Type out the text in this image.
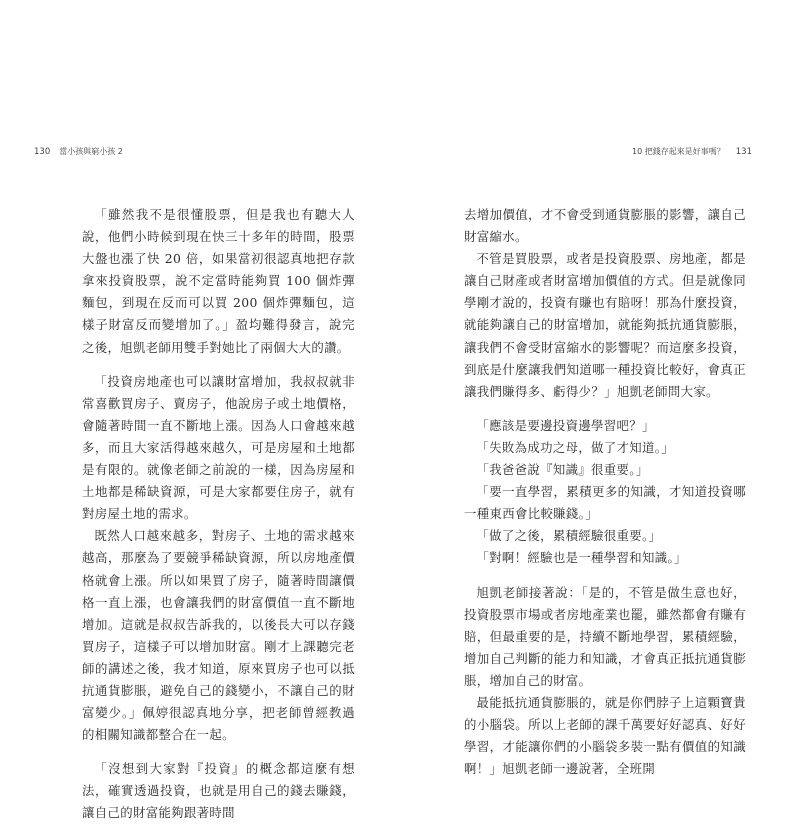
130 當小孩與窮小孩 2

「雖然我不是很懂股票，但是我也有聽大人說，他們小時候到現在快三十多年的時間，股票大盤也漲了快 20 倍，如果當初很認真地把存款拿來投資股票，說不定當時能夠買 100 個炸彈麵包，到現在反而可以買 200 個炸彈麵包，這樣子財富反而變增加了。」盈均難得發言，說完之後，旭凱老師用雙手對她比了兩個大大的讚。

「投資房地產也可以讓財富增加，我叔叔就非常喜歡買房子、賣房子，他說房子或土地價格，會隨著時間一直不斷地上漲。因為人口會越來越多，而且大家活得越來越久，可是房屋和土地都是有限的。就像老師之前說的一樣，因為房屋和土地都是稀缺資源，可是大家都要住房子，就有對房屋土地的需求。

既然人口越來越多，對房子、土地的需求越來越高，那麼為了要競爭稀缺資源，所以房地產價格就會上漲。所以如果買了房子，隨著時間讓價格一直上漲，也會讓我們的財富價值一直不斷地增加。這就是叔叔告訴我的，以後長大可以存錢買房子，這樣子可以增加財富。剛才上課聽完老師的講述之後，我才知道，原來買房子也可以抵抗通貨膨脹，避免自己的錢變小，不讓自己的財富變少。」佩婷很認真地分享，把老師曾經教過的相關知識都整合在一起。

「沒想到大家對『投資』的概念都這麼有想法，確實透過投資，也就是用自己的錢去賺錢，讓自己的財富能夠跟著時間

10 把錢存起來是好事嗎？ 131

去增加價值，才不會受到通貨膨脹的影響，讓自己財富縮水。

不管是買股票，或者是投資股票、房地產，都是讓自己財產或者財富增加價值的方式。但是就像同學剛才說的，投資有賺也有賠呀！那為什麼投資，就能夠讓自己的財富增加，就能夠抵抗通貨膨脹，讓我們不會受財富縮水的影響呢？而這麼多投資，到底是什麼讓我們知道哪一種投資比較好，會真正讓我們賺得多、虧得少？」旭凱老師問大家。

「應該是要邊投資邊學習吧？」

「失敗為成功之母，做了才知道。」

「我爸爸說『知識』很重要。」

「要一直學習，累積更多的知識，才知道投資哪一種東西會比較賺錢。」

「做了之後，累積經驗很重要。」

「對啊！經驗也是一種學習和知識。」

旭凱老師接著說：「是的，不管是做生意也好，投資股票市場或者房地產業也罷，雖然都會有賺有賠，但最重要的是，持續不斷地學習，累積經驗，增加自己判斷的能力和知識，才會真正抵抗通貨膨脹，增加自己的財富。

最能抵抗通貨膨脹的，就是你們脖子上這顆寶貴的小腦袋。所以上老師的課千萬要好好認真、好好學習，才能讓你們的小腦袋多裝一點有價值的知識啊！」旭凱老師一邊說著，全班開
